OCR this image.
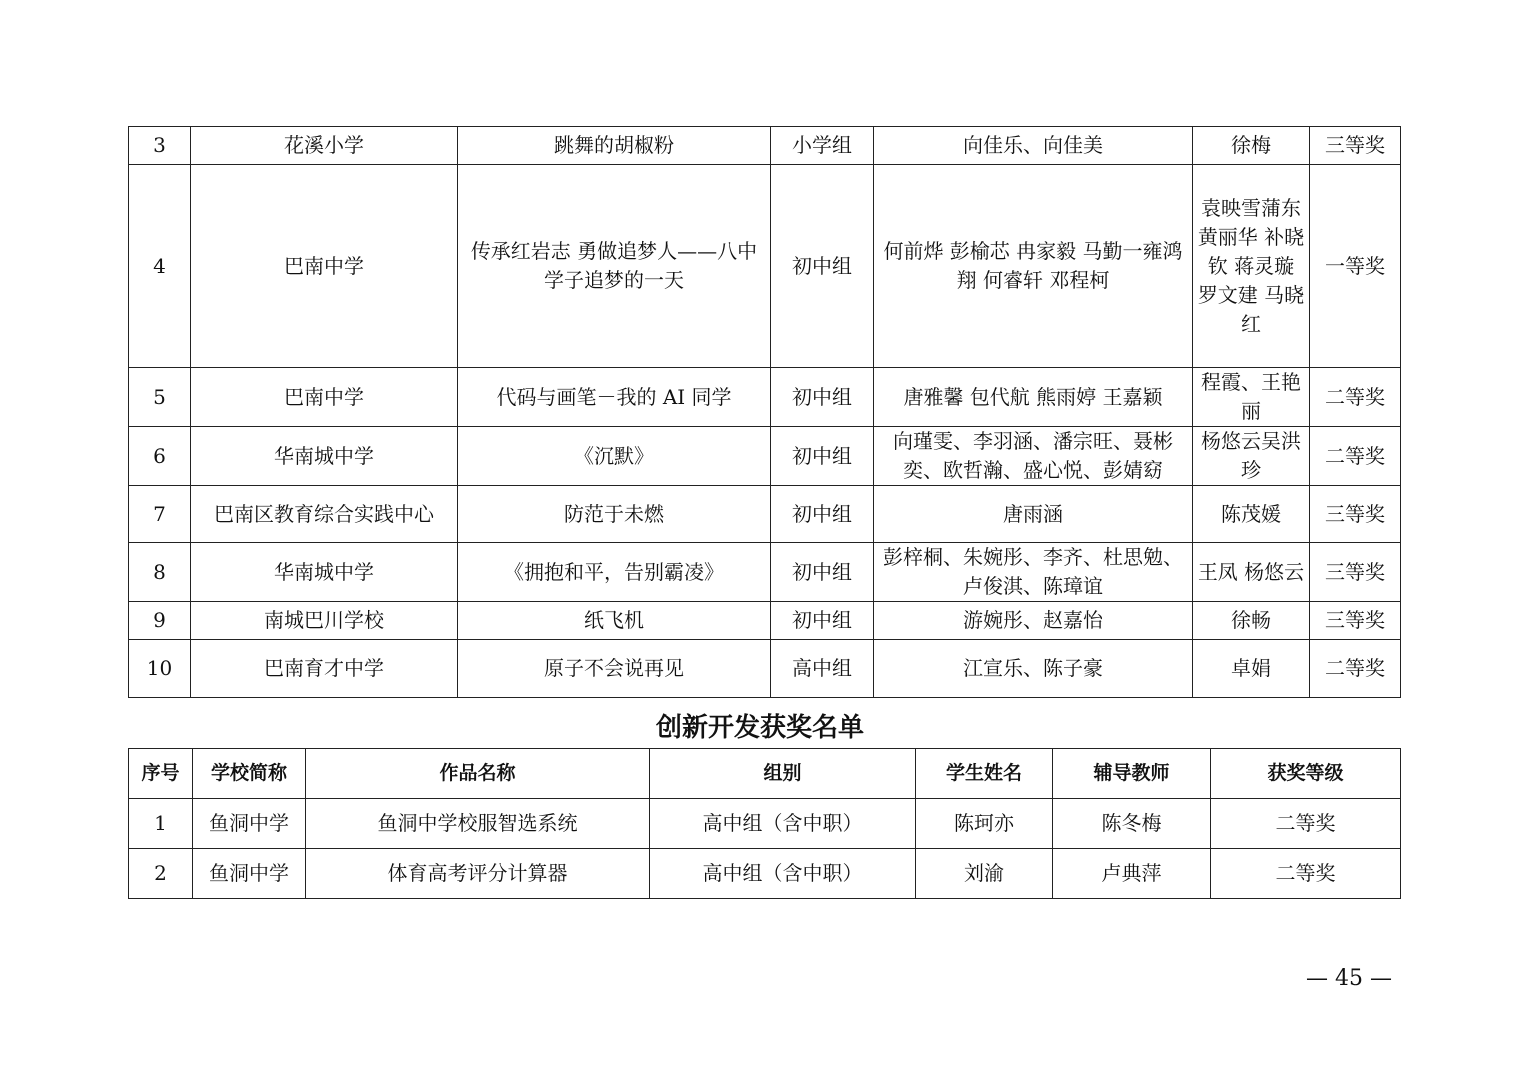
3	花溪小学	跳舞的胡椒粉	小学组	向佳乐、向佳美	徐梅	三等奖
4	巴南中学	传承红岩志 勇做追梦人——八中学子追梦的一天	初中组	何前烨 彭榆芯 冉家毅 马勤一雍鸿翔 何睿轩 邓程柯	袁映雪蒲东 黄丽华 补晓钦 蒋灵璇 罗文建 马晓红	一等奖
5	巴南中学	代码与画笔－我的 AI 同学	初中组	唐雅馨 包代航 熊雨婷 王嘉颖	程霞、王艳丽	二等奖
6	华南城中学	《沉默》	初中组	向瑾雯、李羽涵、潘宗旺、聂彬奕、欧哲瀚、盛心悦、彭婧窈	杨悠云吴洪珍	二等奖
7	巴南区教育综合实践中心	防范于未燃	初中组	唐雨涵	陈茂媛	三等奖
8	华南城中学	《拥抱和平，告别霸凌》	初中组	彭梓桐、朱婉彤、李齐、杜思勉、卢俊淇、陈璋谊	王凤 杨悠云	三等奖
9	南城巴川学校	纸飞机	初中组	游婉彤、赵嘉怡	徐畅	三等奖
10	巴南育才中学	原子不会说再见	高中组	江宣乐、陈子豪	卓娟	二等奖
创新开发获奖名单
序号	学校简称	作品名称	组别	学生姓名	辅导教师	获奖等级
1	鱼洞中学	鱼洞中学校服智选系统	高中组（含中职）	陈珂亦	陈冬梅	二等奖
2	鱼洞中学	体育高考评分计算器	高中组（含中职）	刘渝	卢典萍	二等奖
— 45 —
